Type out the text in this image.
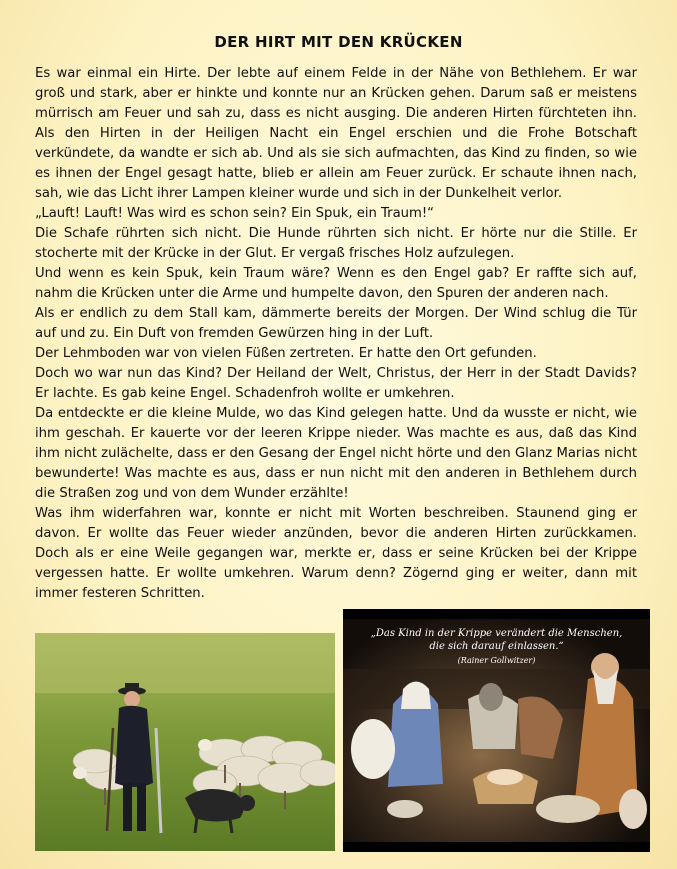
DER HIRT MIT DEN KRÜCKEN

Es war einmal ein Hirte. Der lebte auf einem Felde in der Nähe von Bethlehem. Er war groß und stark, aber er hinkte und konnte nur an Krücken gehen. Darum saß er meistens mürrisch am Feuer und sah zu, dass es nicht ausging. Die anderen Hirten fürchteten ihn. Als den Hirten in der Heiligen Nacht ein Engel erschien und die Frohe Botschaft verkündete, da wandte er sich ab. Und als sie sich aufmachten, das Kind zu finden, so wie es ihnen der Engel gesagt hatte, blieb er allein am Feuer zurück. Er schaute ihnen nach, sah, wie das Licht ihrer Lampen kleiner wurde und sich in der Dunkelheit verlor.

„Lauft! Lauft! Was wird es schon sein? Ein Spuk, ein Traum!“

Die Schafe rührten sich nicht. Die Hunde rührten sich nicht. Er hörte nur die Stille. Er stocherte mit der Krücke in der Glut. Er vergaß frisches Holz aufzulegen.

Und wenn es kein Spuk, kein Traum wäre? Wenn es den Engel gab? Er raffte sich auf, nahm die Krücken unter die Arme und humpelte davon, den Spuren der anderen nach.

Als er endlich zu dem Stall kam, dämmerte bereits der Morgen. Der Wind schlug die Tür auf und zu. Ein Duft von fremden Gewürzen hing in der Luft.

Der Lehmboden war von vielen Füßen zertreten. Er hatte den Ort gefunden.

Doch wo war nun das Kind? Der Heiland der Welt, Christus, der Herr in der Stadt Davids? Er lachte. Es gab keine Engel. Schadenfroh wollte er umkehren.

Da entdeckte er die kleine Mulde, wo das Kind gelegen hatte. Und da wusste er nicht, wie ihm geschah. Er kauerte vor der leeren Krippe nieder. Was machte es aus, daß das Kind ihm nicht zulächelte, dass er den Gesang der Engel nicht hörte und den Glanz Marias nicht bewunderte! Was machte es aus, dass er nun nicht mit den anderen in Bethlehem durch die Straßen zog und von dem Wunder erzählte!

Was ihm widerfahren war, konnte er nicht mit Worten beschreiben. Staunend ging er davon. Er wollte das Feuer wieder anzünden, bevor die anderen Hirten zurückkamen. Doch als er eine Weile gegangen war, merkte er, dass er seine Krücken bei der Krippe vergessen hatte. Er wollte umkehren. Warum denn? Zögernd ging er weiter, dann mit immer festeren Schritten.

„Das Kind in der Krippe verändert die Menschen, die sich darauf einlassen.“
(Rainer Gollwitzer)
